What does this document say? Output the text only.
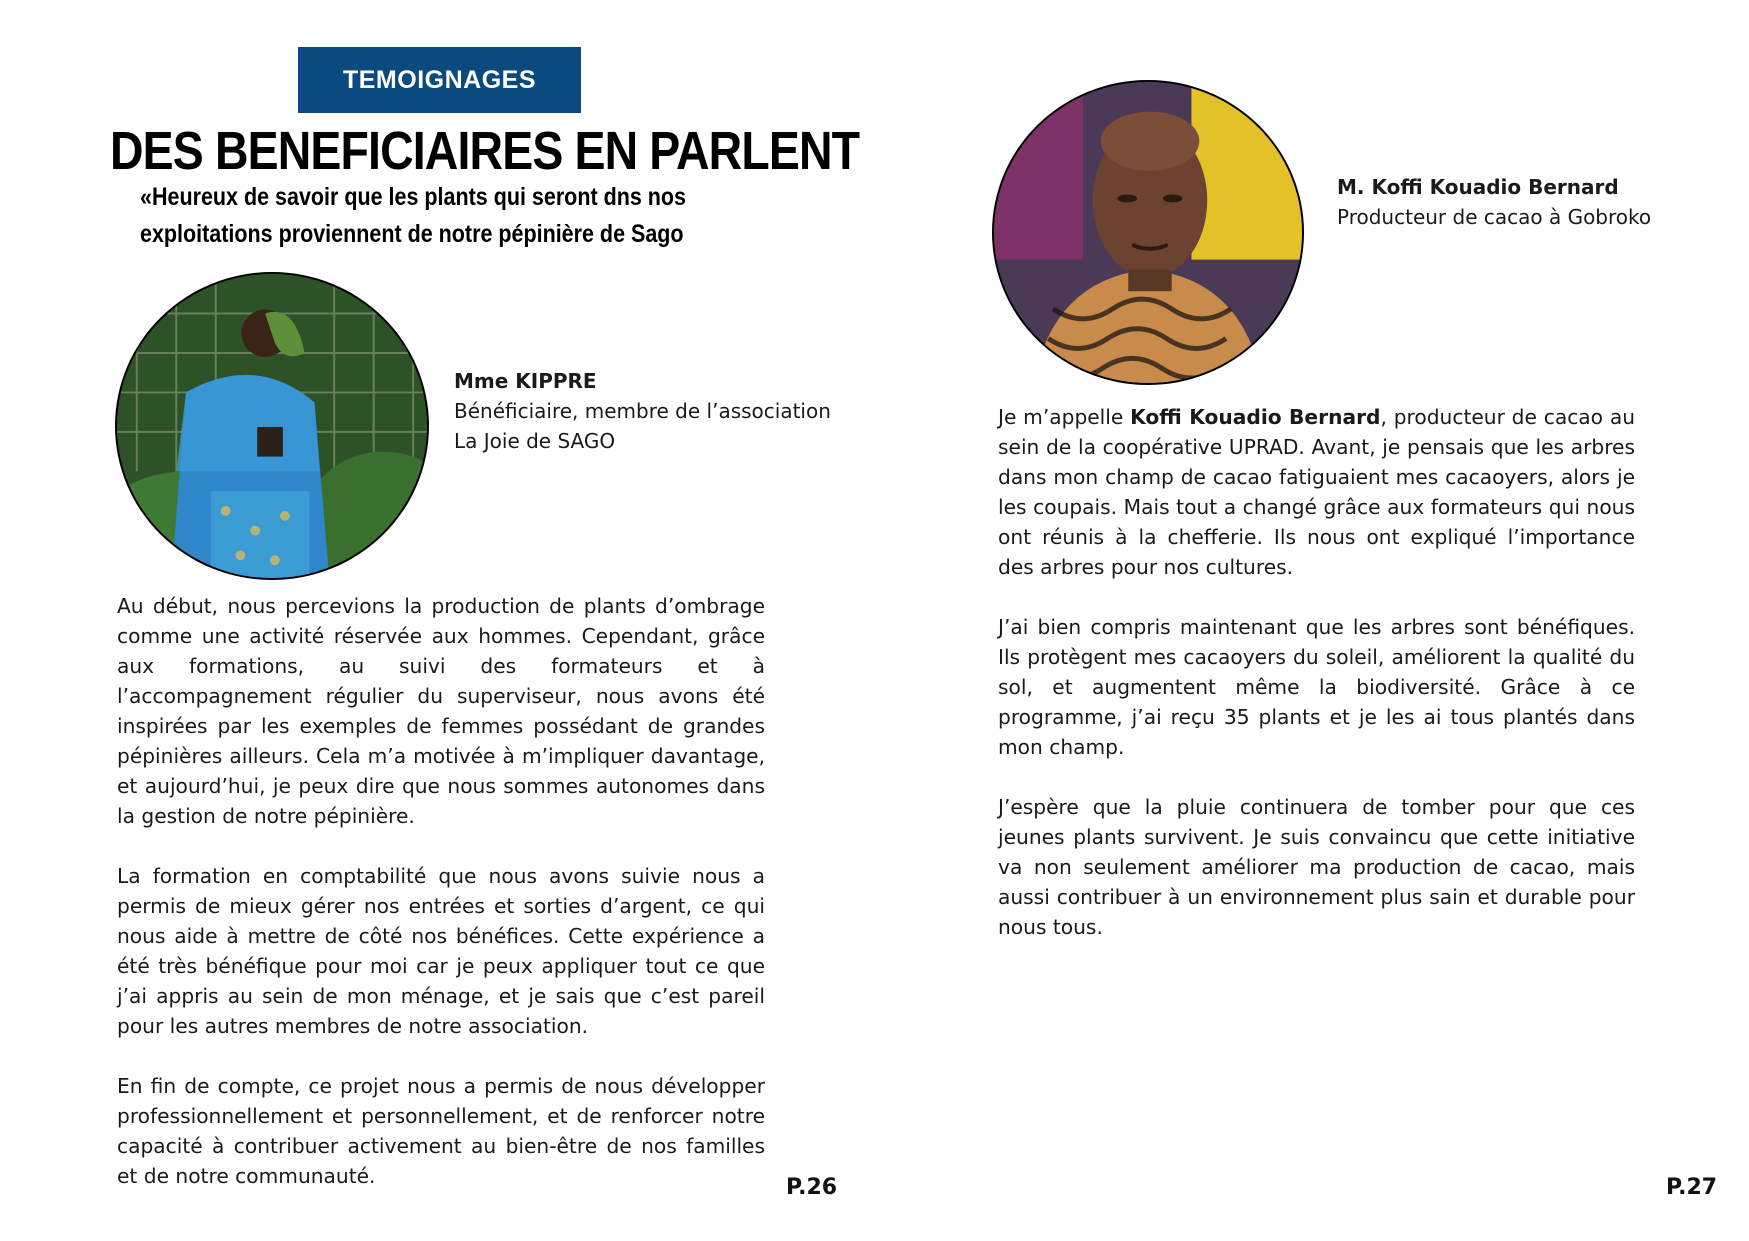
TEMOIGNAGES
DES BENEFICIAIRES EN PARLENT
«Heureux de savoir que les plants qui seront dns nos
exploitations proviennent de notre pépinière de Sago
Mme KIPPRE
Bénéficiaire, membre de l’association
La Joie de SAGO

Au début, nous percevions la production de plants d’ombrage comme une activité réservée aux hommes. Cependant, grâce aux formations, au suivi des formateurs et à l’accompagnement régulier du superviseur, nous avons été inspirées par les exemples de femmes possédant de grandes pépinières ailleurs. Cela m’a motivée à m’impliquer davantage, et aujourd’hui, je peux dire que nous sommes autonomes dans la gestion de notre pépinière.

La formation en comptabilité que nous avons suivie nous a permis de mieux gérer nos entrées et sorties d’argent, ce qui nous aide à mettre de côté nos bénéfices. Cette expérience a été très bénéfique pour moi car je peux appliquer tout ce que j’ai appris au sein de mon ménage, et je sais que c’est pareil pour les autres membres de notre association.

En fin de compte, ce projet nous a permis de nous développer professionnellement et personnellement, et de renforcer notre capacité à contribuer activement au bien-être de nos familles et de notre communauté.	P.26
M. Koffi Kouadio Bernard
Producteur de cacao à Gobroko

Je m’appelle Koffi Kouadio Bernard, producteur de cacao au sein de la coopérative UPRAD. Avant, je pensais que les arbres dans mon champ de cacao fatiguaient mes cacaoyers, alors je les coupais. Mais tout a changé grâce aux formateurs qui nous ont réunis à la chefferie. Ils nous ont expliqué l’importance des arbres pour nos cultures.

J’ai bien compris maintenant que les arbres sont bénéfiques. Ils protègent mes cacaoyers du soleil, améliorent la qualité du sol, et augmentent même la biodiversité. Grâce à ce programme, j’ai reçu 35 plants et je les ai tous plantés dans mon champ.

J’espère que la pluie continuera de tomber pour que ces jeunes plants survivent. Je suis convaincu que cette initiative va non seulement améliorer ma production de cacao, mais aussi contribuer à un environnement plus sain et durable pour nous tous.

P.27
